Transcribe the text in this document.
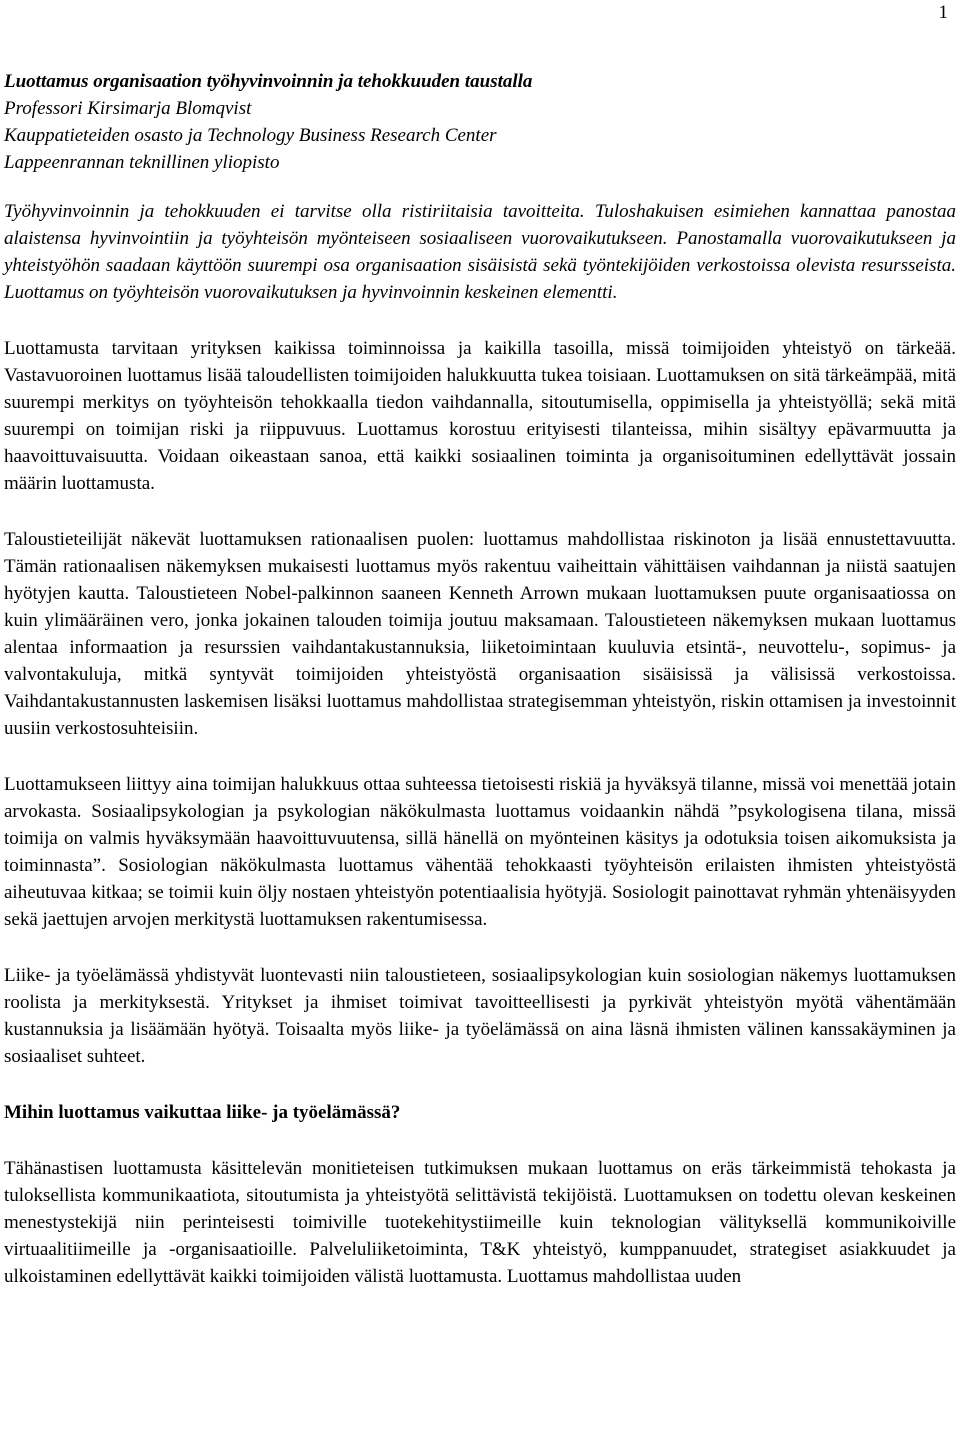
1
Luottamus organisaation työhyvinvoinnin ja tehokkuuden taustalla
Professori Kirsimarja Blomqvist
Kauppatieteiden osasto ja Technology Business Research Center
Lappeenrannan teknillinen yliopisto

Työhyvinvoinnin ja tehokkuuden ei tarvitse olla ristiriitaisia tavoitteita. Tuloshakuisen esimiehen kannattaa panostaa alaistensa hyvinvointiin ja työyhteisön myönteiseen sosiaaliseen vuorovaikutukseen. Panostamalla vuorovaikutukseen ja yhteistyöhön saadaan käyttöön suurempi osa organisaation sisäisistä sekä työntekijöiden verkostoissa olevista resursseista. Luottamus on työyhteisön vuorovaikutuksen ja hyvinvoinnin keskeinen elementti.

Luottamusta tarvitaan yrityksen kaikissa toiminnoissa ja kaikilla tasoilla, missä toimijoiden yhteistyö on tärkeää. Vastavuoroinen luottamus lisää taloudellisten toimijoiden halukkuutta tukea toisiaan. Luottamuksen on sitä tärkeämpää, mitä suurempi merkitys on työyhteisön tehokkaalla tiedon vaihdannalla, sitoutumisella, oppimisella ja yhteistyöllä; sekä mitä suurempi on toimijan riski ja riippuvuus. Luottamus korostuu erityisesti tilanteissa, mihin sisältyy epävarmuutta ja haavoittuvaisuutta. Voidaan oikeastaan sanoa, että kaikki sosiaalinen toiminta ja organisoituminen edellyttävät jossain määrin luottamusta.

Taloustieteilijät näkevät luottamuksen rationaalisen puolen: luottamus mahdollistaa riskinoton ja lisää ennustettavuutta. Tämän rationaalisen näkemyksen mukaisesti luottamus myös rakentuu vaiheittain vähittäisen vaihdannan ja niistä saatujen hyötyjen kautta. Taloustieteen Nobel-palkinnon saaneen Kenneth Arrown mukaan luottamuksen puute organisaatiossa on kuin ylimääräinen vero, jonka jokainen talouden toimija joutuu maksamaan. Taloustieteen näkemyksen mukaan luottamus alentaa informaation ja resurssien vaihdantakustannuksia, liiketoimintaan kuuluvia etsintä-, neuvottelu-, sopimus- ja valvontakuluja, mitkä syntyvät toimijoiden yhteistyöstä organisaation sisäisissä ja välisissä verkostoissa. Vaihdantakustannusten laskemisen lisäksi luottamus mahdollistaa strategisemman yhteistyön, riskin ottamisen ja investoinnit uusiin verkostosuhteisiin.

Luottamukseen liittyy aina toimijan halukkuus ottaa suhteessa tietoisesti riskiä ja hyväksyä tilanne, missä voi menettää jotain arvokasta. Sosiaalipsykologian ja psykologian näkökulmasta luottamus voidaankin nähdä ”psykologisena tilana, missä toimija on valmis hyväksymään haavoittuvuutensa, sillä hänellä on myönteinen käsitys ja odotuksia toisen aikomuksista ja toiminnasta”. Sosiologian näkökulmasta luottamus vähentää tehokkaasti työyhteisön erilaisten ihmisten yhteistyöstä aiheutuvaa kitkaa; se toimii kuin öljy nostaen yhteistyön potentiaalisia hyötyjä. Sosiologit painottavat ryhmän yhtenäisyyden sekä jaettujen arvojen merkitystä luottamuksen rakentumisessa.

Liike- ja työelämässä yhdistyvät luontevasti niin taloustieteen, sosiaalipsykologian kuin sosiologian näkemys luottamuksen roolista ja merkityksestä. Yritykset ja ihmiset toimivat tavoitteellisesti ja pyrkivät yhteistyön myötä vähentämään kustannuksia ja lisäämään hyötyä. Toisaalta myös liike- ja työelämässä on aina läsnä ihmisten välinen kanssakäyminen ja sosiaaliset suhteet.

Mihin luottamus vaikuttaa liike- ja työelämässä?

Tähänastisen luottamusta käsittelevän monitieteisen tutkimuksen mukaan luottamus on eräs tärkeimmistä tehokasta ja tuloksellista kommunikaatiota, sitoutumista ja yhteistyötä selittävistä tekijöistä. Luottamuksen on todettu olevan keskeinen menestystekijä niin perinteisesti toimiville tuotekehitystiimeille kuin teknologian välityksellä kommunikoiville virtuaalitiimeille ja -organisaatioille. Palveluliiketoiminta, T&K yhteistyö, kumppanuudet, strategiset asiakkuudet ja ulkoistaminen edellyttävät kaikki toimijoiden välistä luottamusta. Luottamus mahdollistaa uuden
